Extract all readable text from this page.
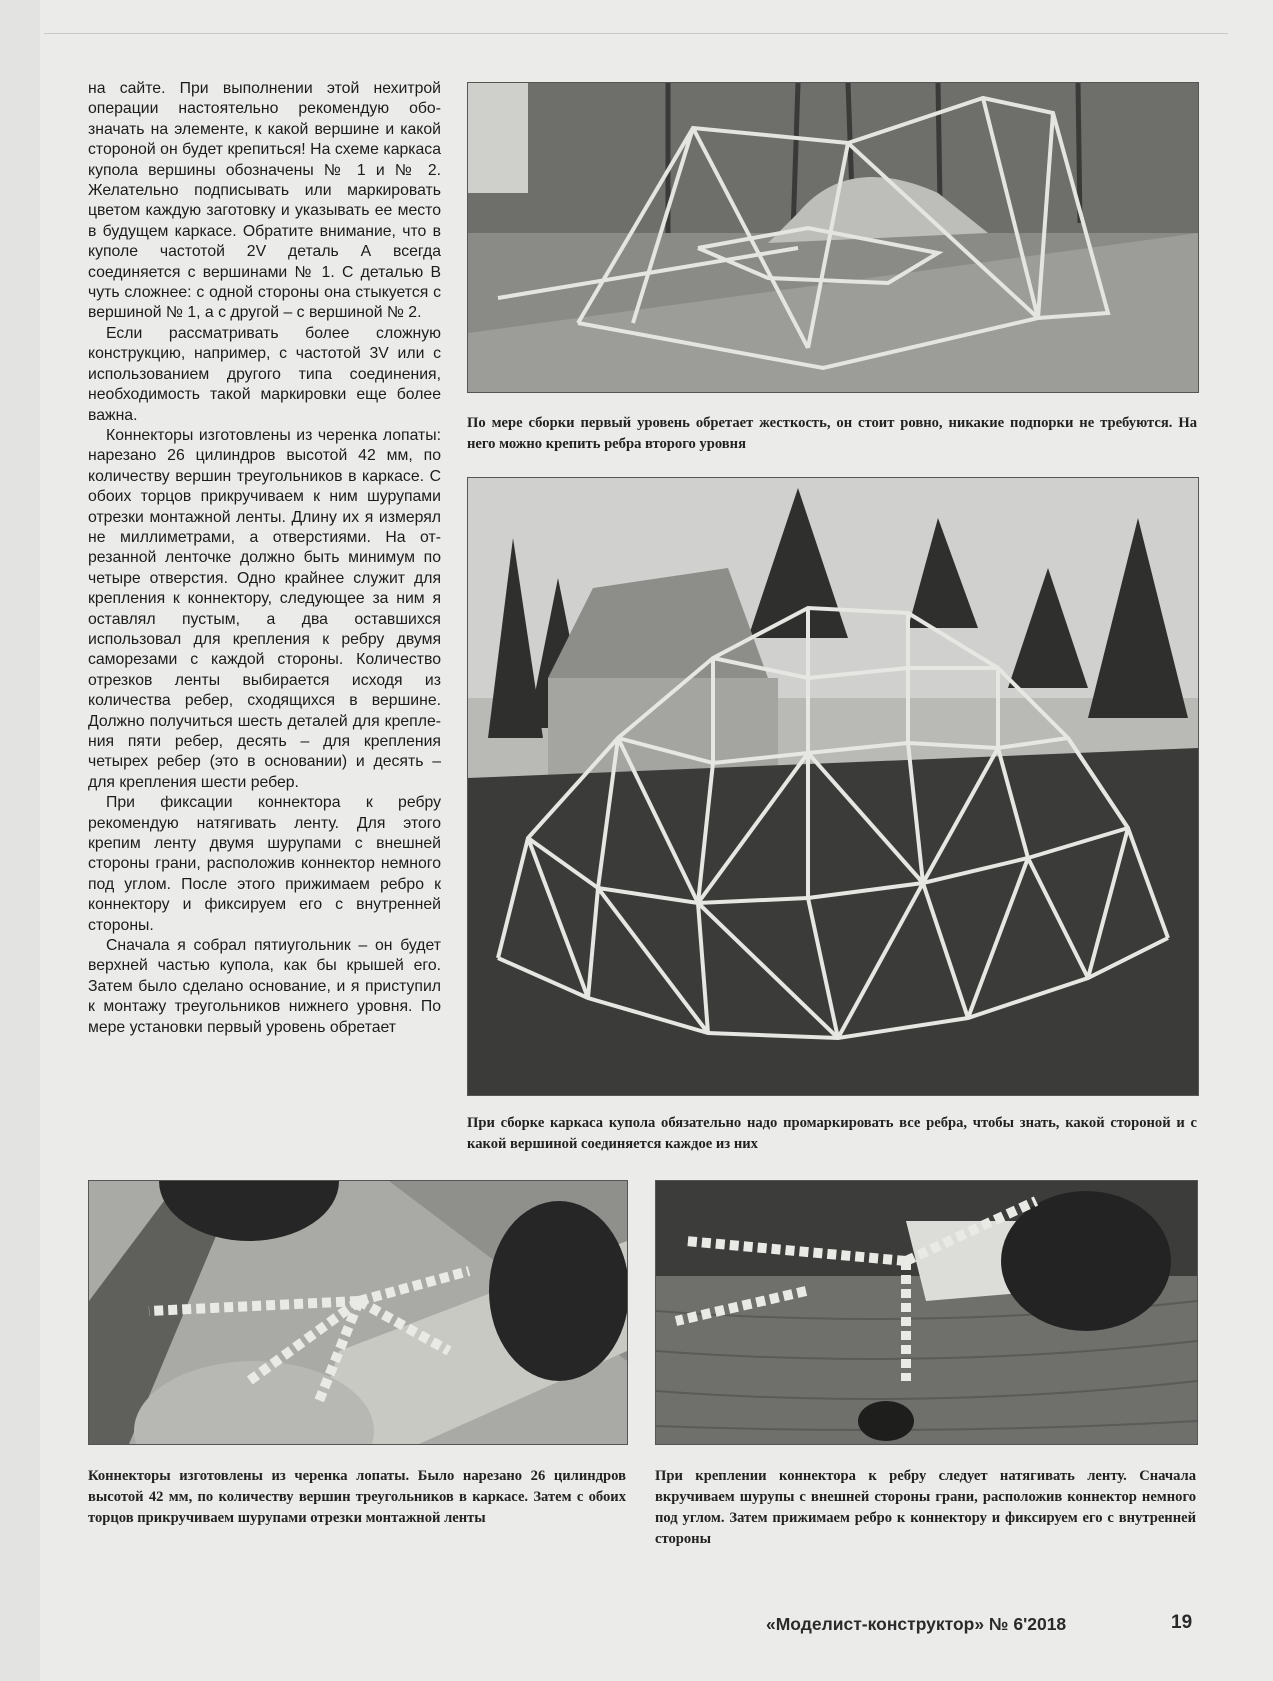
на сайте. При выполнении этой нехитрой операции настоятельно рекомендую обозначать на элементе, к какой вершине и какой стороной он будет крепиться! На схеме каркаса купола вершины обозначены № 1 и № 2. Желательно подписывать или маркировать цветом каждую заготовку и указывать ее место в будущем каркасе. Обратите внимание, что в куполе частотой 2V деталь А всегда соединяется с вершинами № 1. С деталью В чуть сложнее: с одной стороны она стыкуется с вершиной № 1, а с другой – с вершиной № 2.

Если рассматривать более сложную конструкцию, например, с частотой 3V или с использованием другого типа соединения, необходимость такой маркировки еще более важна.

Коннекторы изготовлены из черенка лопаты: нарезано 26 цилиндров высотой 42 мм, по количеству вершин треугольников в каркасе. С обоих торцов прикручиваем к ним шурупами отрезки монтажной ленты. Длину их я измерял не миллиметрами, а отверстиями. На отрезанной ленточке должно быть минимум по четыре отверстия. Одно крайнее служит для крепления к коннектору, следующее за ним я оставлял пустым, а два оставшихся использовал для крепления к ребру двумя саморезами с каждой стороны. Количество отрезков ленты выбирается исходя из количества ребер, сходящихся в вершине. Должно получиться шесть деталей для крепления пяти ребер, десять – для крепления четырех ребер (это в основании) и десять – для крепления шести ребер.

При фиксации коннектора к ребру рекомендую натягивать ленту. Для этого крепим ленту двумя шурупами с внешней стороны грани, расположив коннектор немного под углом. После этого прижимаем ребро к коннектору и фиксируем его с внутренней стороны.

Сначала я собрал пятиугольник – он будет верхней частью купола, как бы крышей его. Затем было сделано основание, и я приступил к монтажу треугольников нижнего уровня. По мере установки первый уровень обретает

По мере сборки первый уровень обретает жесткость, он стоит ровно, никакие подпорки не требуются. На него можно крепить ребра второго уровня
При сборке каркаса купола обязательно надо промаркировать все ребра, чтобы знать, какой стороной и с какой вершиной соединяется каждое из них
Коннекторы изготовлены из черенка лопаты. Было нарезано 26 цилиндров высотой 42 мм, по количеству вершин треугольников в каркасе. Затем с обоих торцов прикручиваем шурупами отрезки монтажной ленты
При креплении коннектора к ребру следует натягивать ленту. Сначала вкручиваем шурупы с внешней стороны грани, расположив коннектор немного под углом. Затем прижимаем ребро к коннектору и фиксируем его с внутренней стороны
«Моделист-конструктор» № 6'2018	19
